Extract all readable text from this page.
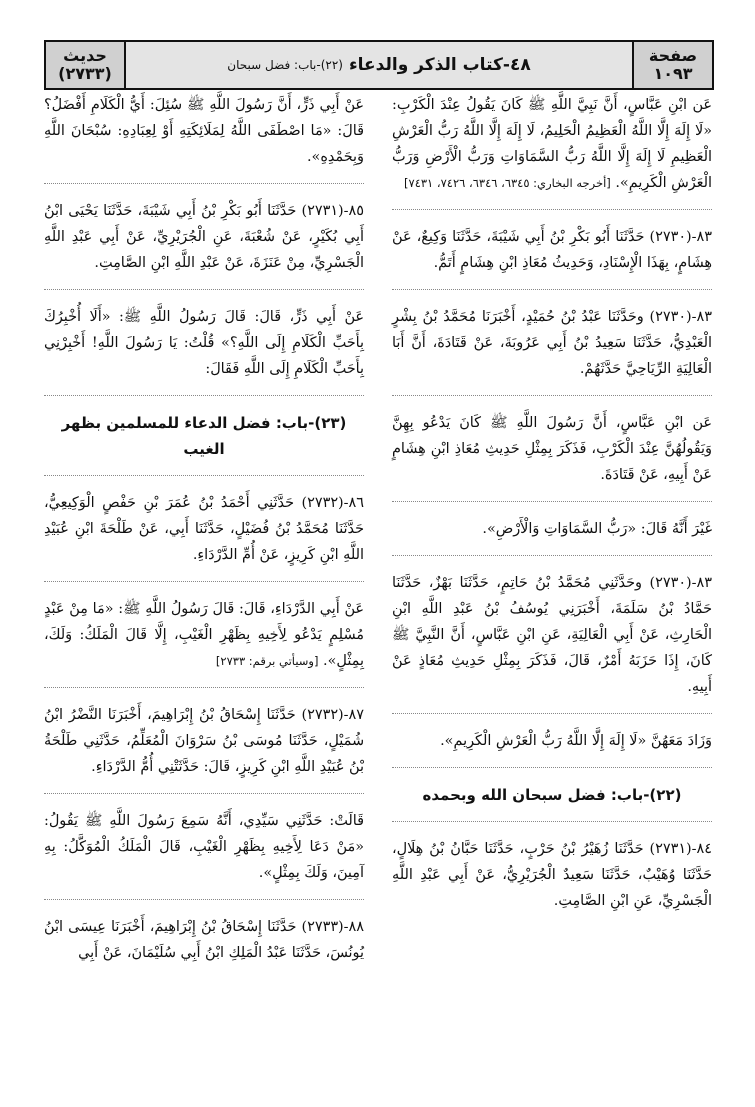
صفحة
١٠٩٣
٤٨-كتاب الذكر والدعاء
(٢٢)-باب: فضل سبحان
حديث
(٢٧٣٣)

عَن ابْنِ عَبَّاسٍ، أَنَّ نَبِيَّ اللَّهِ ﷺ كَانَ يَقُولُ عِنْدَ الْكَرْبِ: «لَا إِلَهَ إِلَّا اللَّهُ الْعَظِيمُ الْحَلِيمُ، لَا إِلَهَ إِلَّا اللَّهُ رَبُّ الْعَرْشِ الْعَظِيمِ لَا إِلَهَ إِلَّا اللَّهُ رَبُّ السَّمَاوَاتِ وَرَبُّ الْأَرْضِ وَرَبُّ الْعَرْشِ الْكَرِيمِ». [أخرجه البخاري: ٦٣٤٥، ٦٣٤٦، ٧٤٢٦، ٧٤٣١]

٨٣-(٢٧٣٠) حَدَّثَنَا أَبُو بَكْرِ بْنُ أَبِي شَيْبَةَ، حَدَّثَنَا وَكِيعٌ، عَنْ هِشَامٍ، بِهَذَا الْإِسْنَادِ، وَحَدِيثُ مُعَاذِ ابْنِ هِشَامٍ أَتَمُّ.

٨٣-(٢٧٣٠) وحَدَّثَنَا عَبْدُ بْنُ حُمَيْدٍ، أَخْبَرَنَا مُحَمَّدُ بْنُ بِشْرٍ الْعَبْدِيُّ، حَدَّثَنَا سَعِيدُ بْنُ أَبِي عَرُوبَةَ، عَنْ قَتَادَةَ، أَنَّ أَبَا الْعَالِيَةِ الرِّيَاحِيَّ حَدَّثَهُمْ.

عَن ابْنِ عَبَّاسٍ، أَنَّ رَسُولَ اللَّهِ ﷺ كَانَ يَدْعُو بِهِنَّ وَيَقُولُهُنَّ عِنْدَ الْكَرْبِ، فَذَكَرَ بِمِثْلِ حَدِيثِ مُعَاذِ ابْنِ هِشَامٍ عَنْ أَبِيهِ، عَنْ قَتَادَةَ.

غَيْرَ أَنَّهُ قَالَ: «رَبُّ السَّمَاوَاتِ وَالْأَرْضِ».

٨٣-(٢٧٣٠) وحَدَّثَنِي مُحَمَّدُ بْنُ حَاتِمٍ، حَدَّثَنَا بَهْزٌ، حَدَّثَنَا حَمَّادُ بْنُ سَلَمَةَ، أَخْبَرَنِي يُوسُفُ بْنُ عَبْدِ اللَّهِ ابْنِ الْحَارِثِ، عَنْ أَبِي الْعَالِيَةِ، عَنِ ابْنِ عَبَّاسٍ، أَنَّ النَّبِيَّ ﷺ كَانَ، إِذَا حَزَبَهُ أَمْرٌ، قَالَ، فَذَكَرَ بِمِثْلِ حَدِيثِ مُعَاذٍ عَنْ أَبِيهِ.

وَزَادَ مَعَهُنَّ «لَا إِلَهَ إِلَّا اللَّهُ رَبُّ الْعَرْشِ الْكَرِيمِ».

(٢٢)-باب: فضل سبحان الله وبحمده

٨٤-(٢٧٣١) حَدَّثَنَا زُهَيْرُ بْنُ حَرْبٍ، حَدَّثَنَا حَبَّانُ بْنُ هِلَالٍ، حَدَّثَنَا وُهَيْبٌ، حَدَّثَنَا سَعِيدٌ الْجُرَيْرِيُّ، عَنْ أَبِي عَبْدِ اللَّهِ الْجَسْرِيِّ، عَنِ ابْنِ الصَّامِتِ.

عَنْ أَبِي ذَرٍّ، أَنَّ رَسُولَ اللَّهِ ﷺ سُئِلَ: أَيُّ الْكَلَامِ أَفْضَلُ؟ قَالَ: «مَا اصْطَفَى اللَّهُ لِمَلَائِكَتِهِ أَوْ لِعِبَادِهِ: سُبْحَانَ اللَّهِ وَبِحَمْدِهِ».

٨٥-(٢٧٣١) حَدَّثَنَا أَبُو بَكْرِ بْنُ أَبِي شَيْبَةَ، حَدَّثَنَا يَحْيَى ابْنُ أَبِي بُكَيْرٍ، عَنْ شُعْبَةَ، عَنِ الْجُرَيْرِيِّ، عَنْ أَبِي عَبْدِ اللَّهِ الْجَسْرِيِّ، مِنْ عَنَزَةَ، عَنْ عَبْدِ اللَّهِ ابْنِ الصَّامِتِ.

عَنْ أَبِي ذَرٍّ، قَالَ: قَالَ رَسُولُ اللَّهِ ﷺ: «أَلَا أُخْبِرُكَ بِأَحَبِّ الْكَلَامِ إِلَى اللَّهِ؟» قُلْتُ: يَا رَسُولَ اللَّهِ! أَخْبِرْنِي بِأَحَبِّ الْكَلَامِ إِلَى اللَّهِ فَقَالَ:

(٢٣)-باب: فضل الدعاء للمسلمين بظهر الغيب

٨٦-(٢٧٣٢) حَدَّثَنِي أَحْمَدُ بْنُ عُمَرَ بْنِ حَفْصٍ الْوَكِيعِيُّ، حَدَّثَنَا مُحَمَّدُ بْنُ فُضَيْلٍ، حَدَّثَنَا أَبِي، عَنْ طَلْحَةَ ابْنِ عُبَيْدِ اللَّهِ ابْنِ كَرِيزٍ، عَنْ أُمِّ الدَّرْدَاءِ.

عَنْ أَبِي الدَّرْدَاءِ، قَالَ: قَالَ رَسُولُ اللَّهِ ﷺ: «مَا مِنْ عَبْدٍ مُسْلِمٍ يَدْعُو لِأَخِيهِ بِظَهْرِ الْغَيْبِ، إِلَّا قَالَ الْمَلَكُ: وَلَكَ، بِمِثْلٍ». [وسيأتي برقم: ٢٧٣٣]

٨٧-(٢٧٣٢) حَدَّثَنَا إِسْحَاقُ بْنُ إِبْرَاهِيمَ، أَخْبَرَنَا النَّضْرُ ابْنُ شُمَيْلٍ، حَدَّثَنَا مُوسَى بْنُ سَرْوَانَ الْمُعَلِّمُ، حَدَّثَنِي طَلْحَةُ بْنُ عُبَيْدِ اللَّهِ ابْنِ كَرِيزٍ، قَالَ: حَدَّثَتْنِي أُمُّ الدَّرْدَاءِ.

قَالَتْ: حَدَّثَنِي سَيِّدِي، أَنَّهُ سَمِعَ رَسُولَ اللَّهِ ﷺ يَقُولُ: «مَنْ دَعَا لِأَخِيهِ بِظَهْرِ الْغَيْبِ، قَالَ الْمَلَكُ الْمُوَكَّلُ: بِهِ آمِينَ، وَلَكَ بِمِثْلٍ».

٨٨-(٢٧٣٣) حَدَّثَنَا إِسْحَاقُ بْنُ إِبْرَاهِيمَ، أَخْبَرَنَا عِيسَى ابْنُ يُونُسَ، حَدَّثَنَا عَبْدُ الْمَلِكِ ابْنُ أَبِي سُلَيْمَانَ، عَنْ أَبِي
